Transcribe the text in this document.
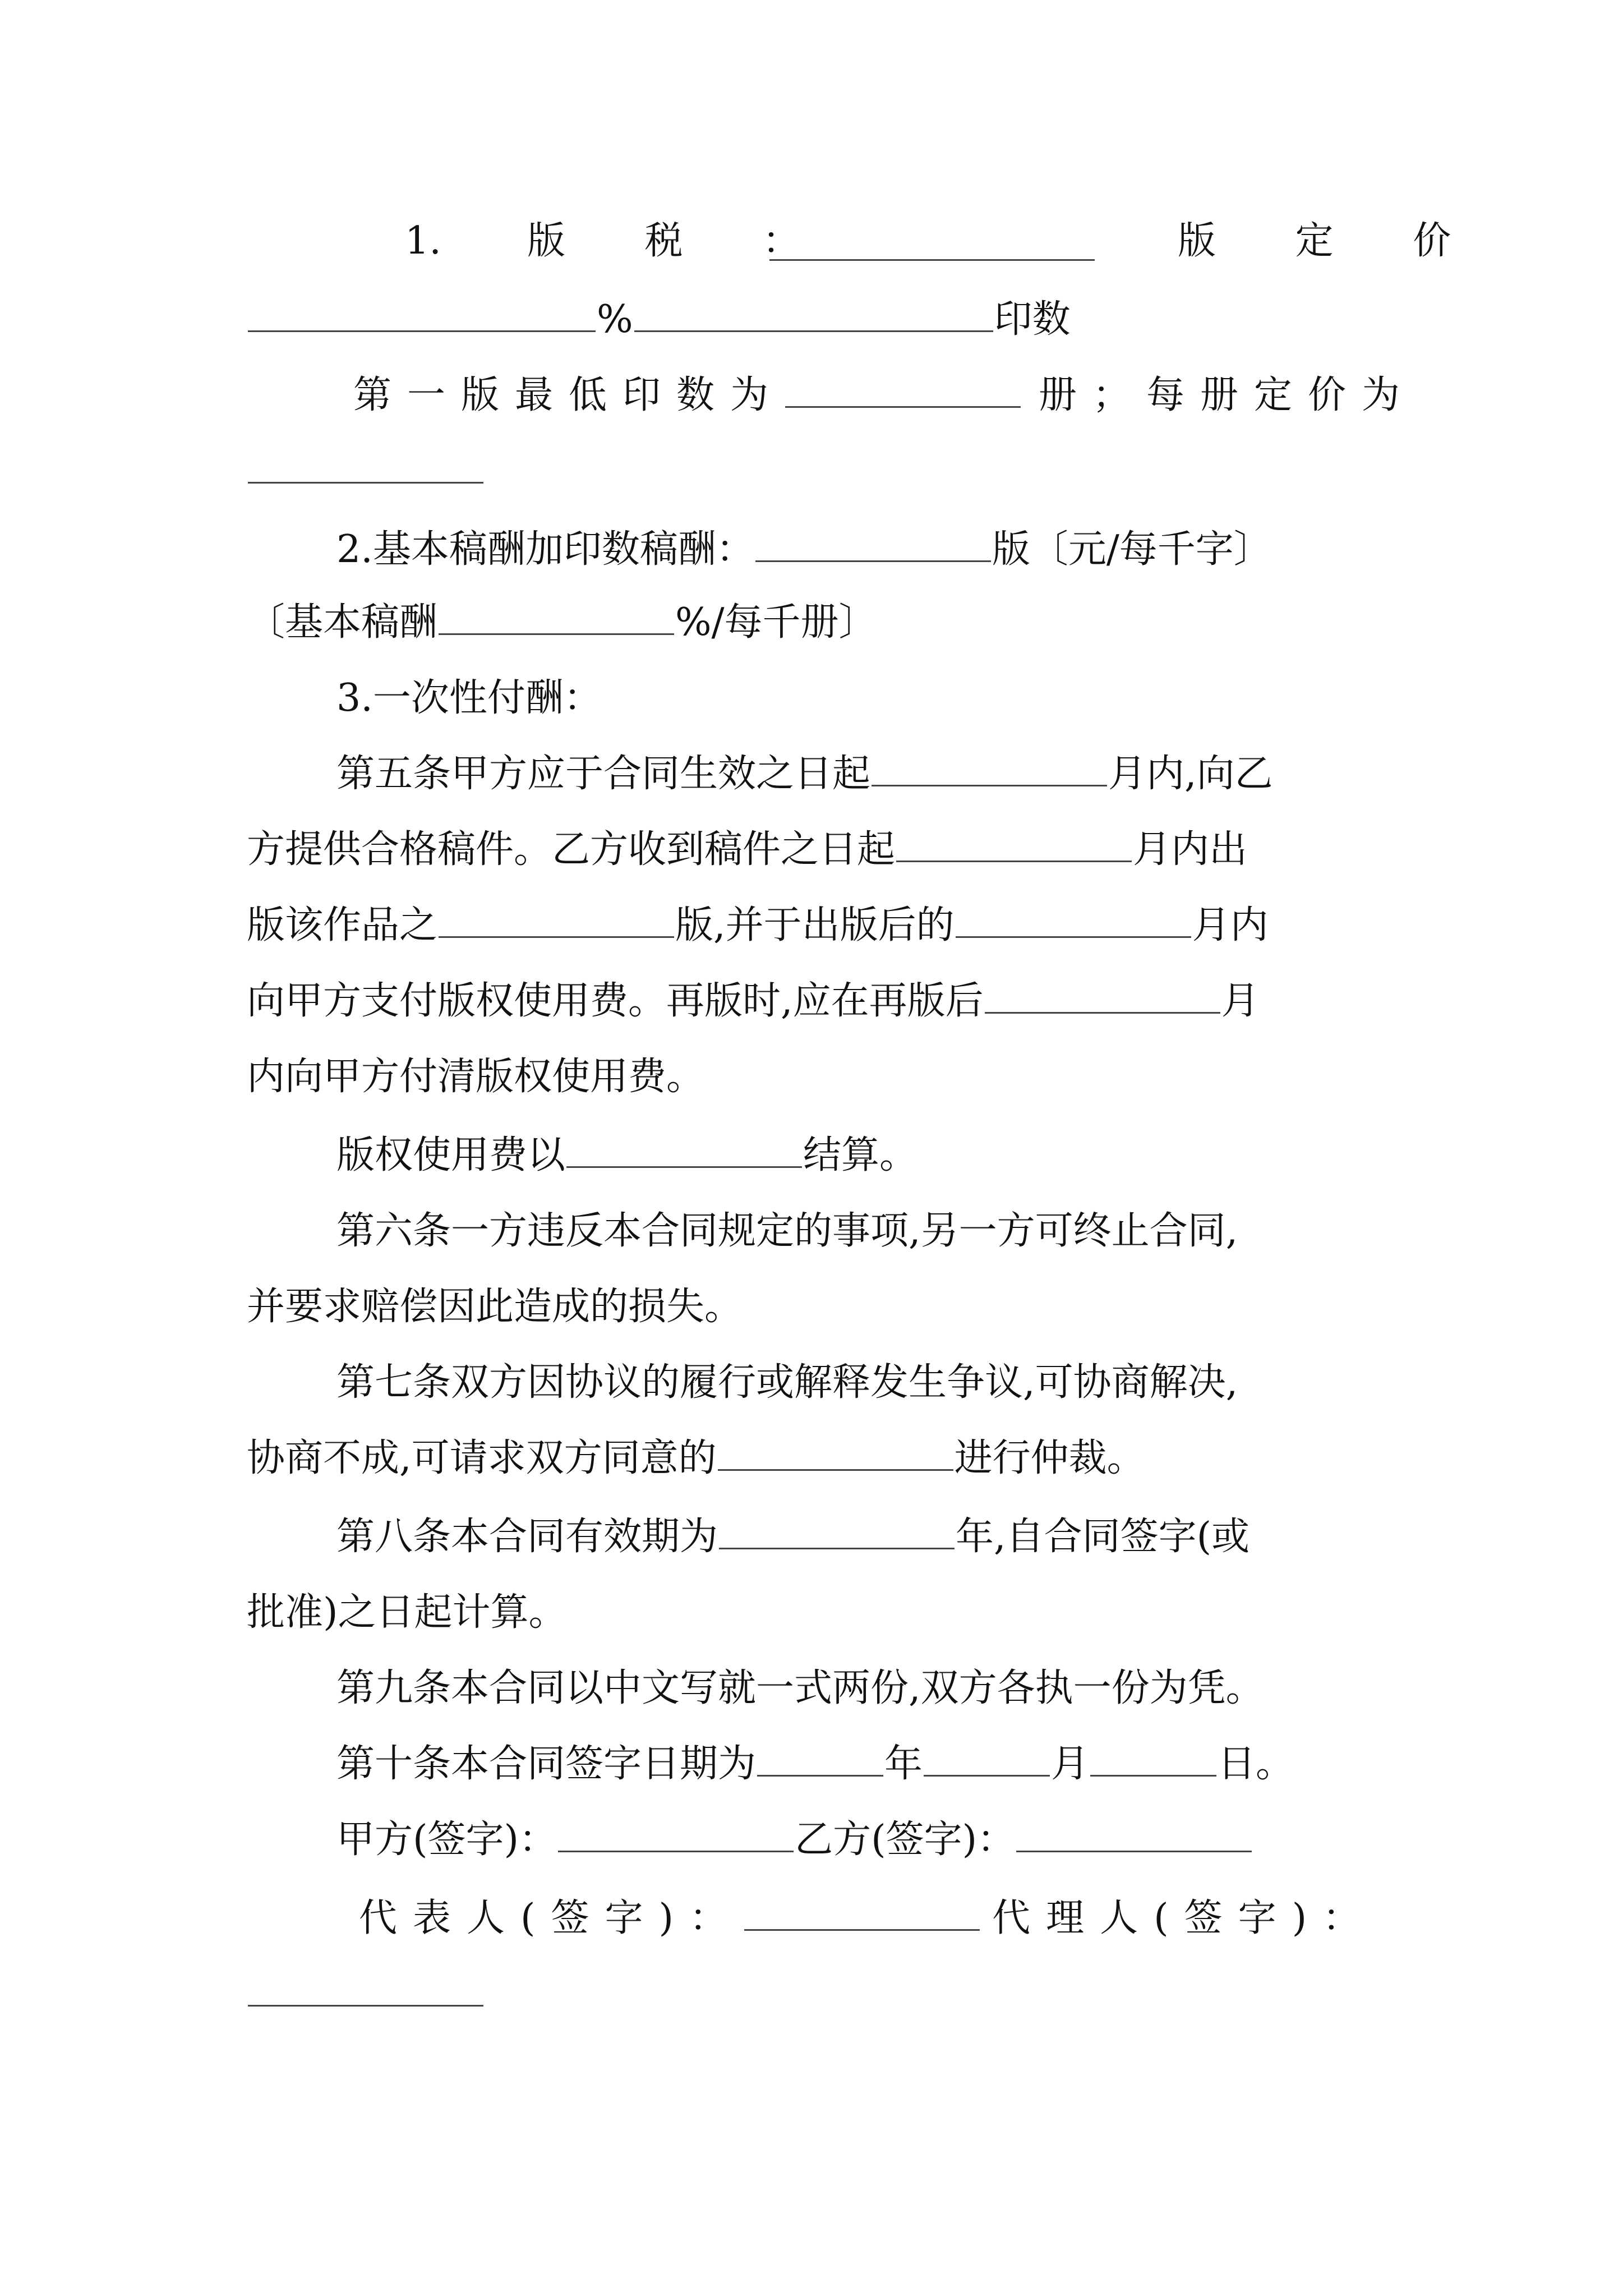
1. 版 税 ：	版 定 价
%	印数
第一版最低印数为	册；每册定价为
2.基本稿酬加印数稿酬：	版〔元/每千字〕
〔基本稿酬	%/每千册〕
3.一次性付酬：
第五条甲方应于合同生效之日起	月内,向乙
方提供合格稿件。乙方收到稿件之日起	月内出
版该作品之	版,并于出版后的	月内
向甲方支付版权使用费。再版时,应在再版后	月
内向甲方付清版权使用费。
版权使用费以	结算。
第六条一方违反本合同规定的事项,另一方可终止合同,
并要求赔偿因此造成的损失。
第七条双方因协议的履行或解释发生争议,可协商解决,
协商不成,可请求双方同意的	进行仲裁。
第八条本合同有效期为	年,自合同签字(或
批准)之日起计算。
第九条本合同以中文写就一式两份,双方各执一份为凭。
第十条本合同签字日期为	年	月	日。
甲方(签字)：	乙方(签字)：
代表人(签字)：	代理人(签字)：
